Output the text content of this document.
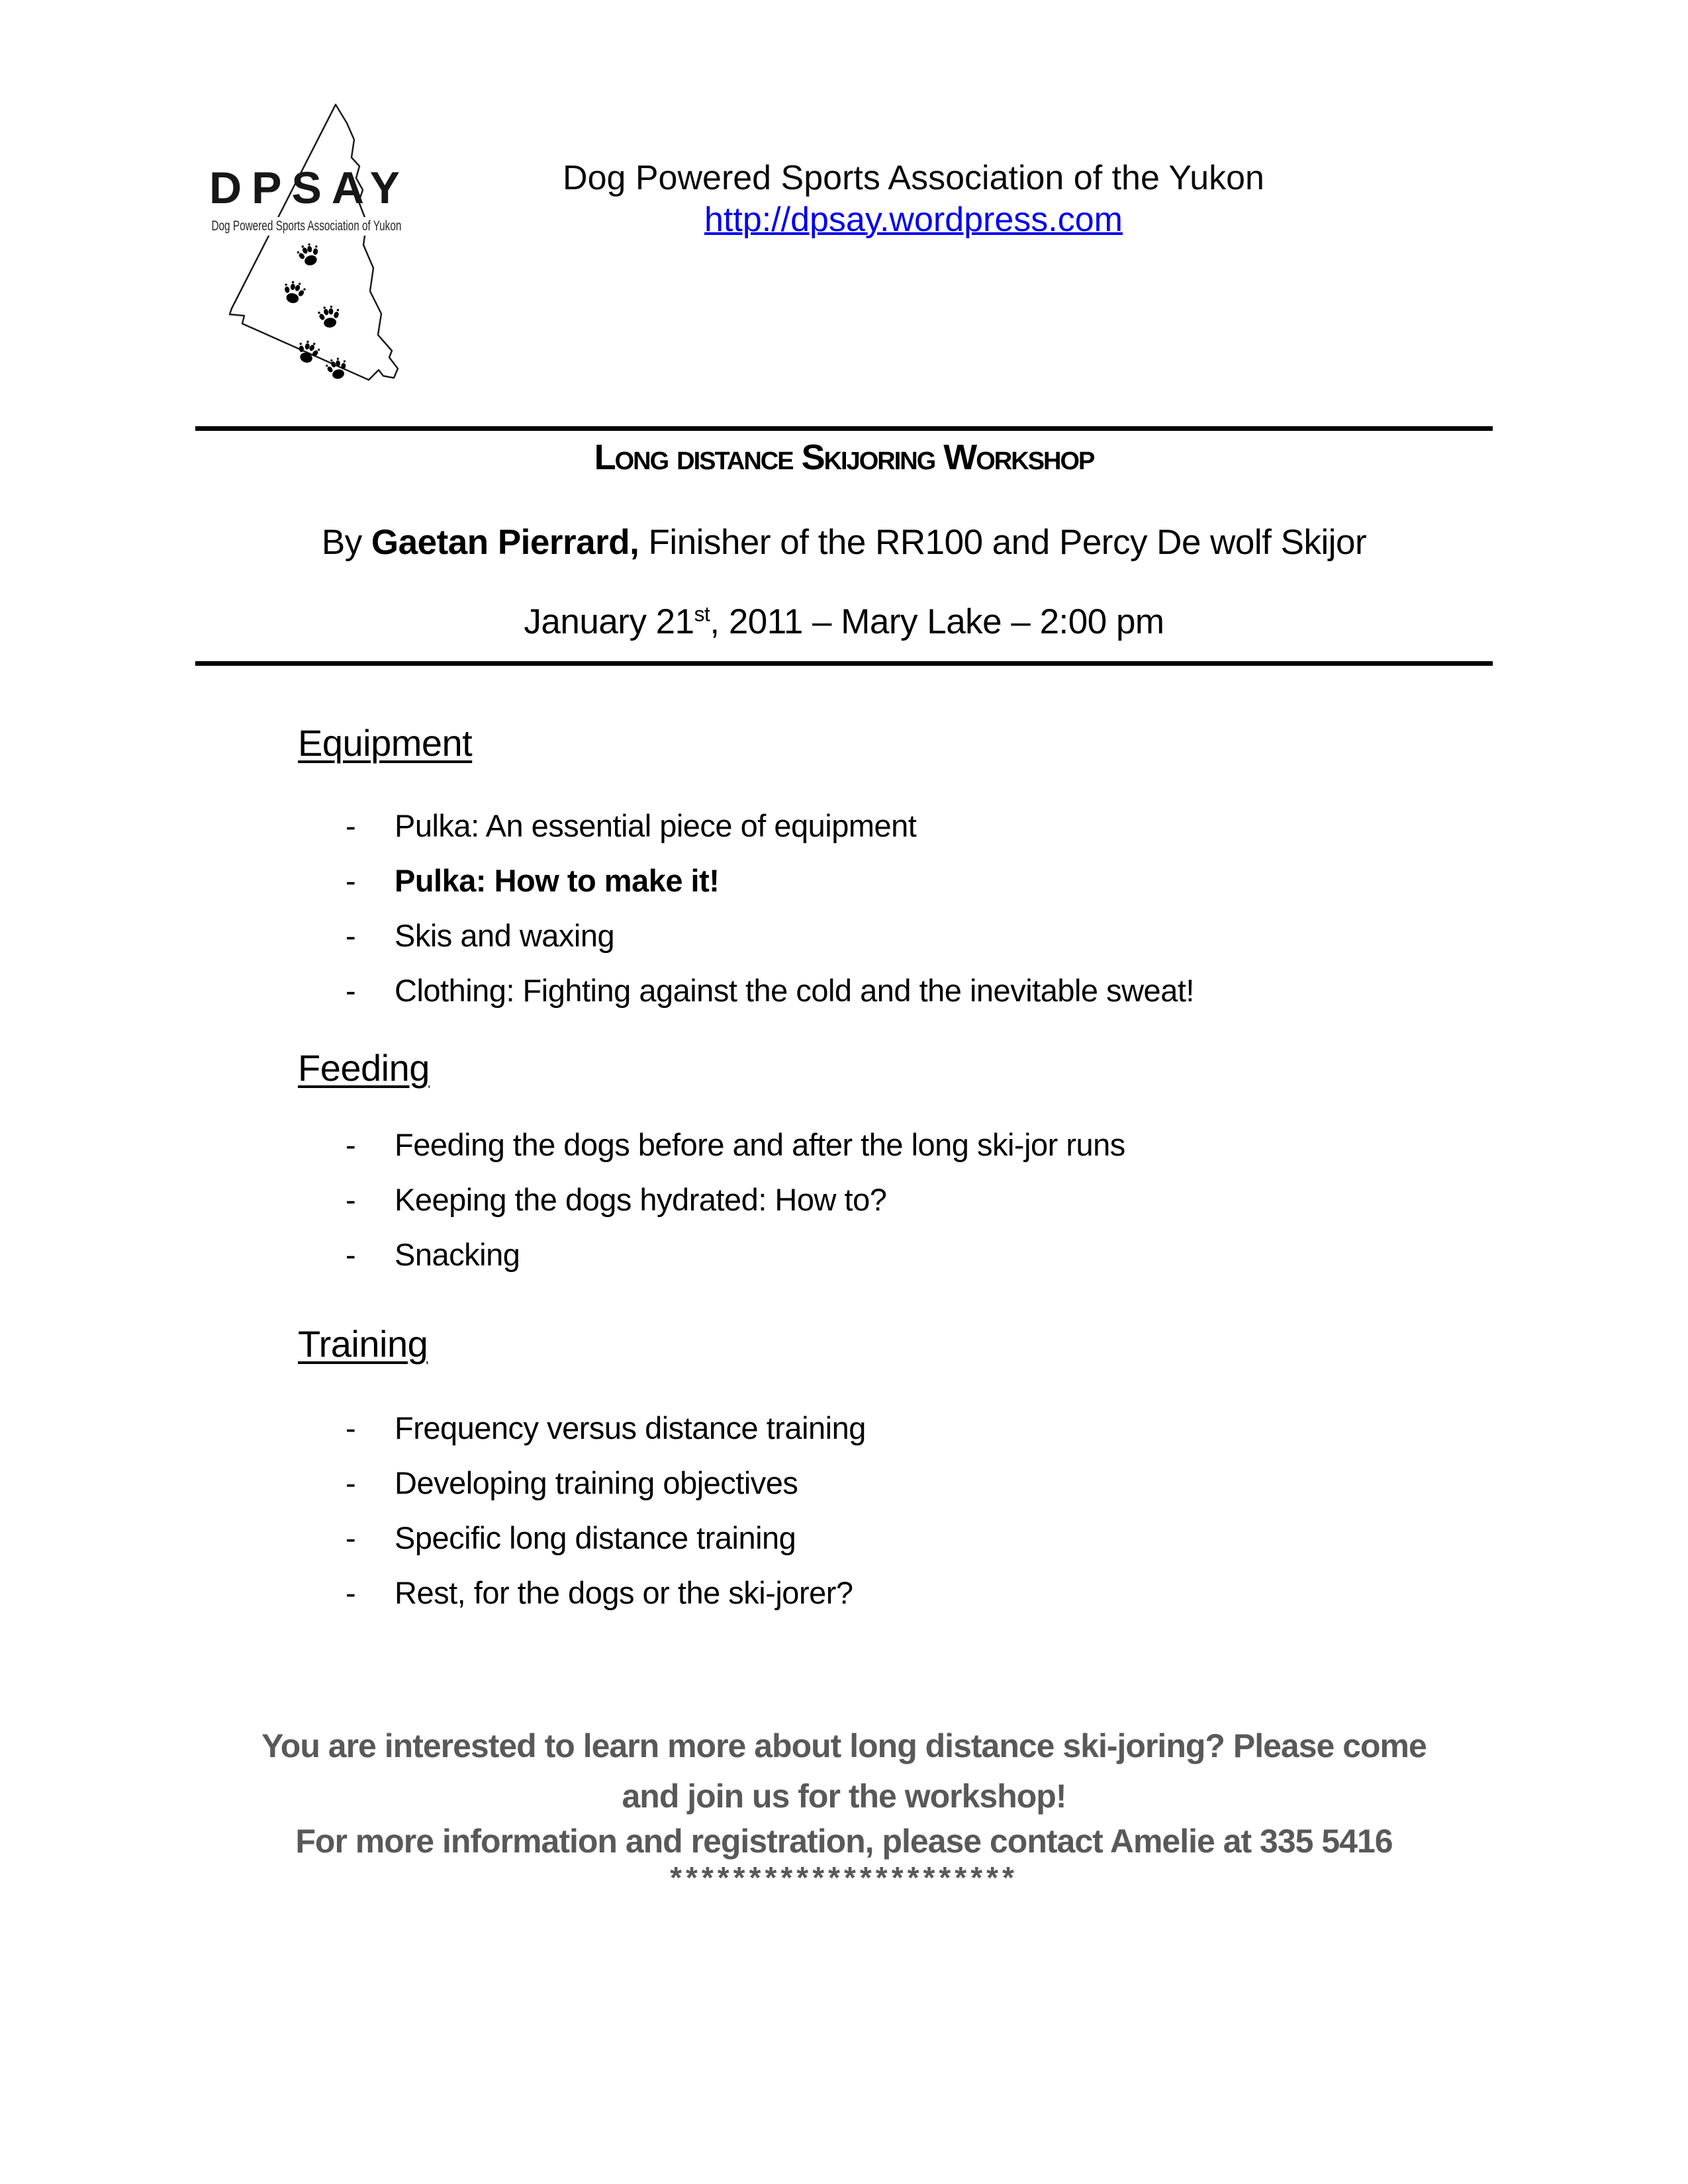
DPSAY
Dog Powered Sports Association of Yukon
Dog Powered Sports Association of the Yukon
http://dpsay.wordpress.com
Long distance Skijoring Workshop
By Gaetan Pierrard, Finisher of the RR100 and Percy De wolf Skijor
January 21st, 2011 – Mary Lake – 2:00 pm
Equipment
- Pulka: An essential piece of equipment
- Pulka: How to make it!
- Skis and waxing
- Clothing: Fighting against the cold and the inevitable sweat!
Feeding
- Feeding the dogs before and after the long ski-jor runs
- Keeping the dogs hydrated: How to?
- Snacking
Training
- Frequency versus distance training
- Developing training objectives
- Specific long distance training
- Rest, for the dogs or the ski-jorer?
You are interested to learn more about long distance ski-joring? Please come
and join us for the workshop!
For more information and registration, please contact Amelie at 335 5416
**********************
